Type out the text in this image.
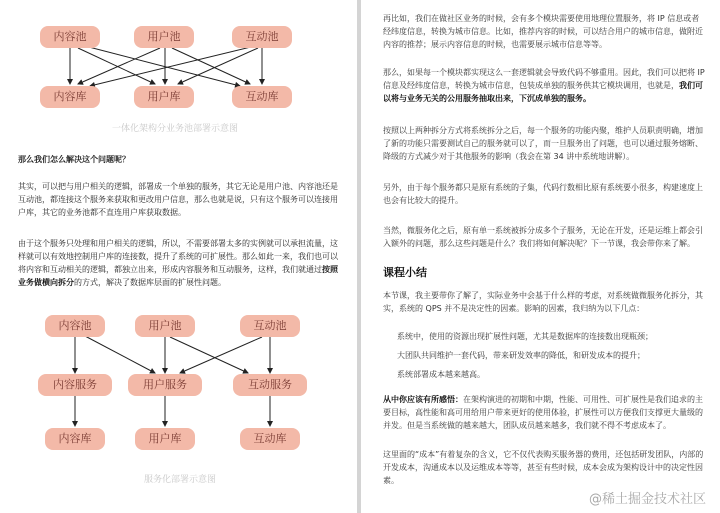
内容池	用户池	互动池
内容库	用户库	互动库
一体化架构分业务池部署示意图

那么我们怎么解决这个问题呢？

其实，可以把与用户相关的逻辑，部署成一个单独的服务，其它无论是用户池、内容池还是互动池，都连接这个服务来获取和更改用户信息，那么也就是说，只有这个服务可以连接用户库，其它的业务池都不直连用户库获取数据。

由于这个服务只处理和用户相关的逻辑，所以，不需要部署太多的实例就可以承担流量，这样就可以有效地控制用户库的连接数，提升了系统的可扩展性。那么如此一来，我们也可以将内容和互动相关的逻辑，都独立出来，形成内容服务和互动服务，这样，我们就通过按照业务做横向拆分的方式，解决了数据库层面的扩展性问题。

内容池	用户池	互动池
内容服务	用户服务	互动服务
内容库	用户库	互动库
服务化部署示意图

再比如，我们在做社区业务的时候，会有多个模块需要使用地理位置服务，将 IP 信息或者经纬度信息，转换为城市信息。比如，推荐内容的时候，可以结合用户的城市信息，做附近内容的推荐；展示内容信息的时候，也需要展示城市信息等等。

那么，如果每一个模块都实现这么一套逻辑就会导致代码不够重用。因此，我们可以把将 IP 信息及经纬度信息，转换为城市信息，包装成单独的服务供其它模块调用，也就是，我们可以将与业务无关的公用服务抽取出来，下沉成单独的服务。

按照以上两种拆分方式将系统拆分之后，每一个服务的功能内聚，维护人员职责明确，增加了新的功能只需要测试自己的服务就可以了，而一旦服务出了问题，也可以通过服务熔断、降级的方式减少对于其他服务的影响（我会在第 34 讲中系统地讲解）。

另外，由于每个服务都只是原有系统的子集，代码行数相比原有系统要小很多，构建速度上也会有比较大的提升。

当然，微服务化之后，原有单一系统被拆分成多个子服务，无论在开发，还是运维上都会引入额外的问题，那么这些问题是什么？我们将如何解决呢？下一节课，我会带你来了解。

课程小结

本节课，我主要带你了解了，实际业务中会基于什么样的考虑，对系统做微服务化拆分，其实，系统的 QPS 并不是决定性的因素。影响的因素，我归纳为以下几点：

系统中，使用的资源出现扩展性问题，尤其是数据库的连接数出现瓶颈；

大团队共同维护一套代码，带来研发效率的降低，和研发成本的提升；

系统部署成本越来越高。

从中你应该有所感悟：在架构演进的初期和中期，性能、可用性、可扩展性是我们追求的主要目标，高性能和高可用给用户带来更好的使用体验，扩展性可以方便我们支撑更大量级的并发。但是当系统做的越来越大，团队成员越来越多，我们就不得不考虑成本了。

这里面的“成本”有着复杂的含义，它不仅代表购买服务器的费用，还包括研发团队，内部的开发成本，沟通成本以及运维成本等等，甚至有些时候，成本会成为架构设计中的决定性因素。

@稀土掘金技术社区
